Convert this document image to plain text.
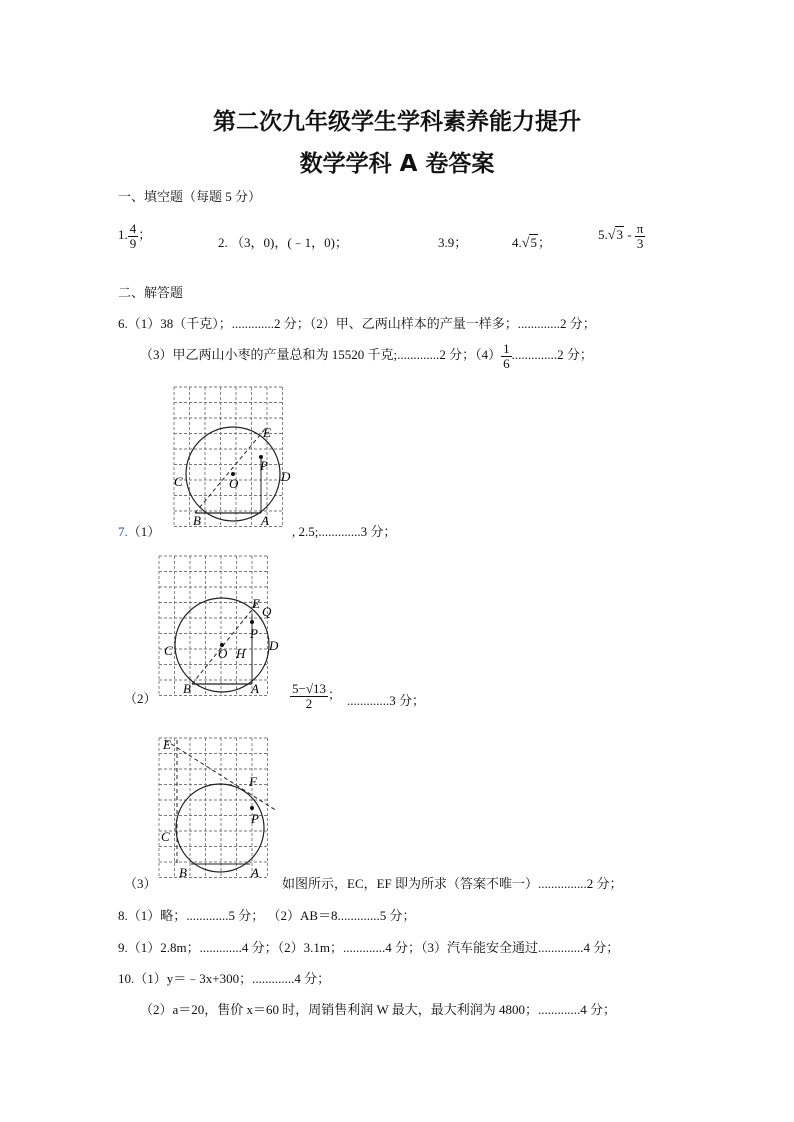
第二次九年级学生学科素养能力提升
数学学科 A 卷答案
一、填空题（每题 5 分）
1. $\frac{4}{9}$ ；
2. （3，0)，(﹣1，0)；	3.9；	4.√5；
$5.√3 - \frac{\pi}{3}$
二、解答题
6.（1）38（千克）；.............2 分；（2）甲、乙两山样本的产量一样多；.............2 分；
（3）甲乙两山小枣的产量总和为 15520 千克;.............2 分；$(4) \frac{1}{6} ..............2$ 分；
E
P
C	O	D
B	A
7.（1）	, 2.5;.............3 分；
E
Q
P
C	O H
D
B	A
（2）	$\frac{5-√13}{2}$ ； .............3 分；
E
F
P
C
B	A
（3）	如图所示，EC，EF 即为所求（答案不唯一）...............2 分；
8.（1）略；.............5 分； （2）AB＝8.............5 分；
9.（1）2.8m；.............4 分；（2）3.1m；.............4 分；（3）汽车能安全通过..............4 分；
10.（1）y＝﹣3x+300；.............4 分；
（2）a＝20，售价 x＝60 时，周销售利润 W 最大，最大利润为 4800；.............4 分；
